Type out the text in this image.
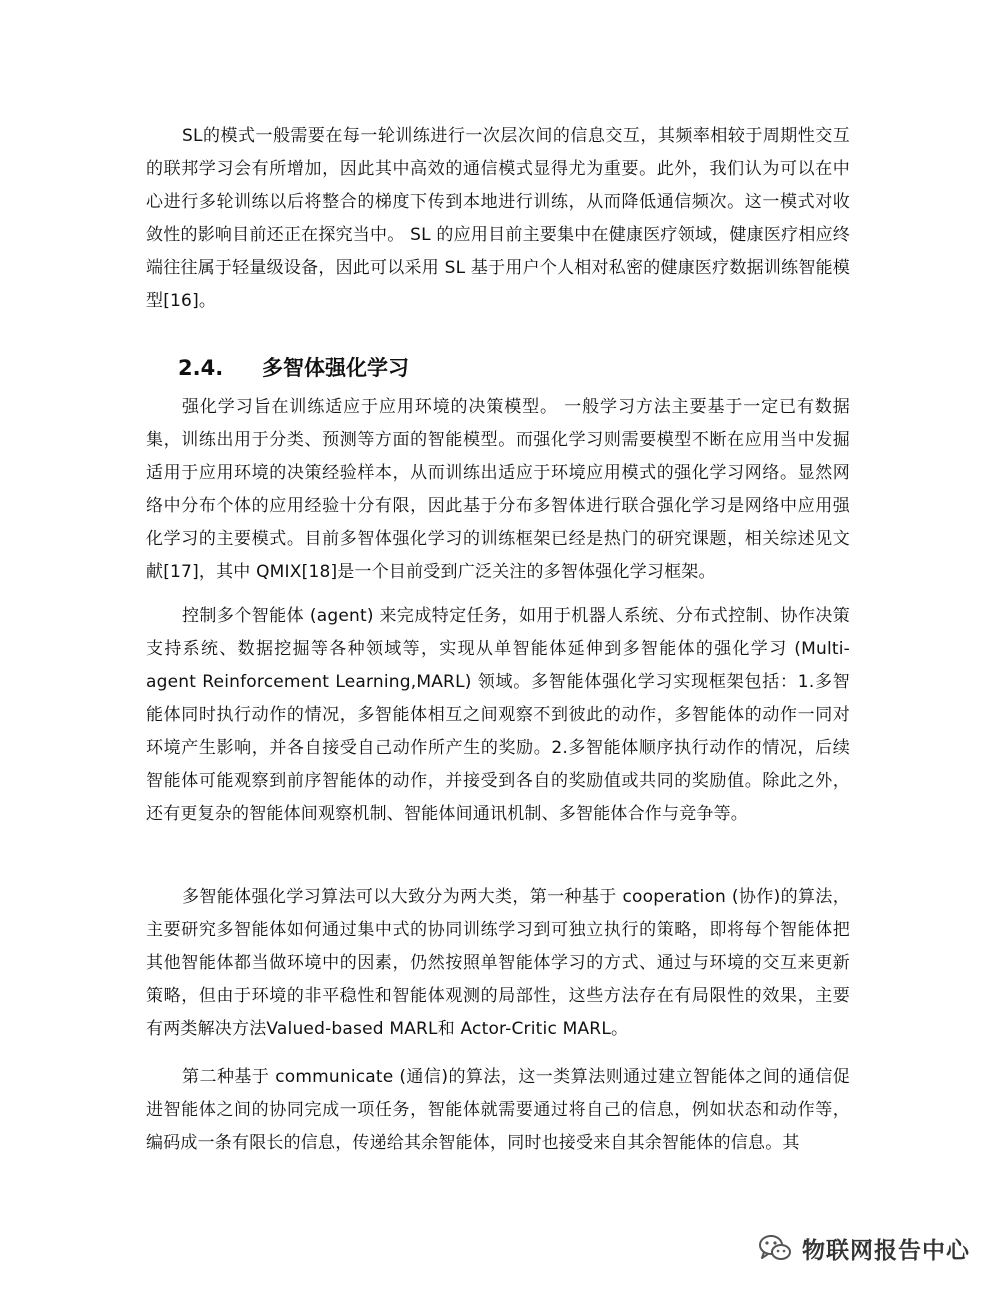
SL的模式一般需要在每一轮训练进行一次层次间的信息交互，其频率相较于周期性交互的联邦学习会有所增加，因此其中高效的通信模式显得尤为重要。此外，我们认为可以在中心进行多轮训练以后将整合的梯度下传到本地进行训练，从而降低通信频次。这一模式对收敛性的影响目前还正在探究当中。 SL 的应用目前主要集中在健康医疗领域，健康医疗相应终端往往属于轻量级设备，因此可以采用 SL 基于用户个人相对私密的健康医疗数据训练智能模型[16]。

2.4. 多智体强化学习

强化学习旨在训练适应于应用环境的决策模型。 一般学习方法主要基于一定已有数据集，训练出用于分类、预测等方面的智能模型。而强化学习则需要模型不断在应用当中发掘适用于应用环境的决策经验样本，从而训练出适应于环境应用模式的强化学习网络。显然网络中分布个体的应用经验十分有限，因此基于分布多智体进行联合强化学习是网络中应用强化学习的主要模式。目前多智体强化学习的训练框架已经是热门的研究课题，相关综述见文献[17]，其中 QMIX[18]是一个目前受到广泛关注的多智体强化学习框架。

控制多个智能体 (agent) 来完成特定任务，如用于机器人系统、分布式控制、协作决策支持系统、数据挖掘等各种领域等，实现从单智能体延伸到多智能体的强化学习 (Multi-agent Reinforcement Learning,MARL) 领域。多智能体强化学习实现框架包括：1.多智能体同时执行动作的情况，多智能体相互之间观察不到彼此的动作，多智能体的动作一同对环境产生影响，并各自接受自己动作所产生的奖励。2.多智能体顺序执行动作的情况，后续智能体可能观察到前序智能体的动作，并接受到各自的奖励值或共同的奖励值。除此之外，还有更复杂的智能体间观察机制、智能体间通讯机制、多智能体合作与竞争等。

多智能体强化学习算法可以大致分为两大类，第一种基于 cooperation (协作)的算法，主要研究多智能体如何通过集中式的协同训练学习到可独立执行的策略，即将每个智能体把其他智能体都当做环境中的因素，仍然按照单智能体学习的方式、通过与环境的交互来更新策略，但由于环境的非平稳性和智能体观测的局部性，这些方法存在有局限性的效果，主要有两类解决方法Valued-based MARL和 Actor-Critic MARL。

第二种基于 communicate (通信)的算法，这一类算法则通过建立智能体之间的通信促进智能体之间的协同完成一项任务，智能体就需要通过将自己的信息，例如状态和动作等，编码成一条有限长的信息，传递给其余智能体，同时也接受来自其余智能体的信息。其

物联网报告中心
